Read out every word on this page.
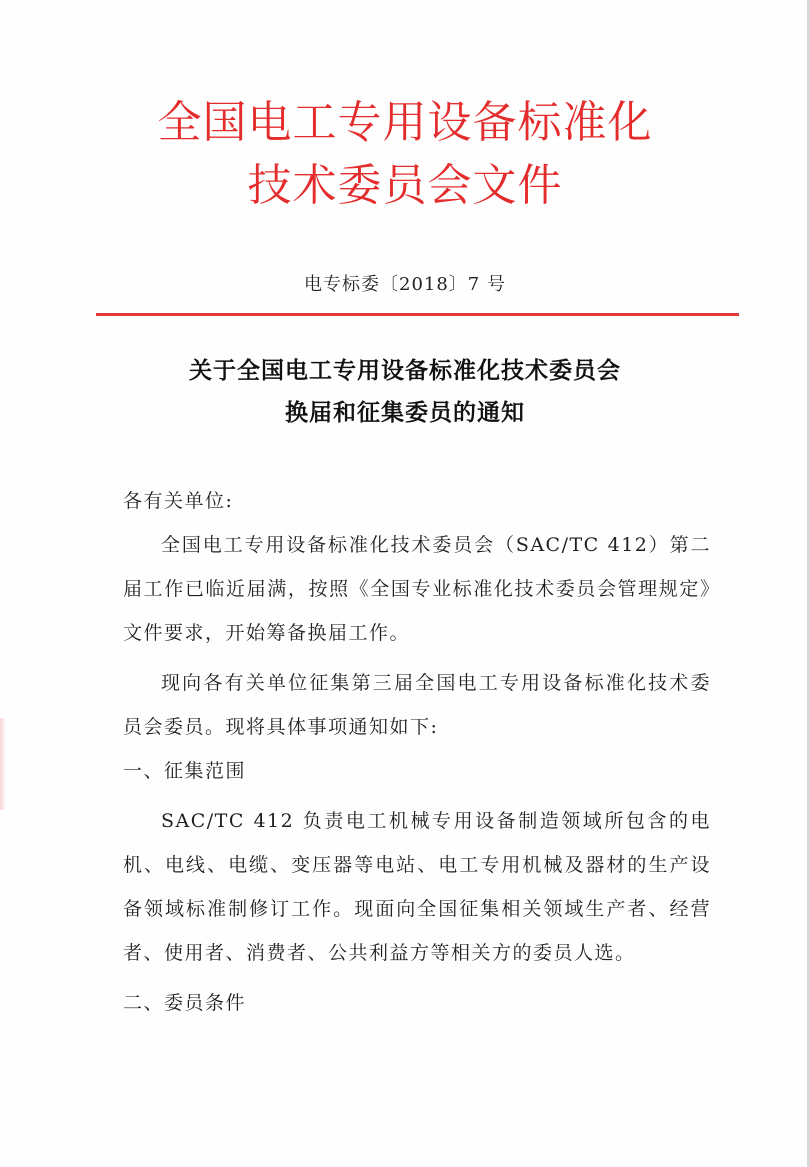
全国电工专用设备标准化
技术委员会文件
电专标委〔2018〕7 号
关于全国电工专用设备标准化技术委员会
换届和征集委员的通知

各有关单位:

全国电工专用设备标准化技术委员会（SAC/TC 412）第二届工作已临近届满，按照《全国专业标准化技术委员会管理规定》文件要求，开始筹备换届工作。

现向各有关单位征集第三届全国电工专用设备标准化技术委员会委员。现将具体事项通知如下:

一、征集范围

SAC/TC 412 负责电工机械专用设备制造领域所包含的电机、电线、电缆、变压器等电站、电工专用机械及器材的生产设备领域标准制修订工作。现面向全国征集相关领域生产者、经营者、使用者、消费者、公共利益方等相关方的委员人选。

二、委员条件
